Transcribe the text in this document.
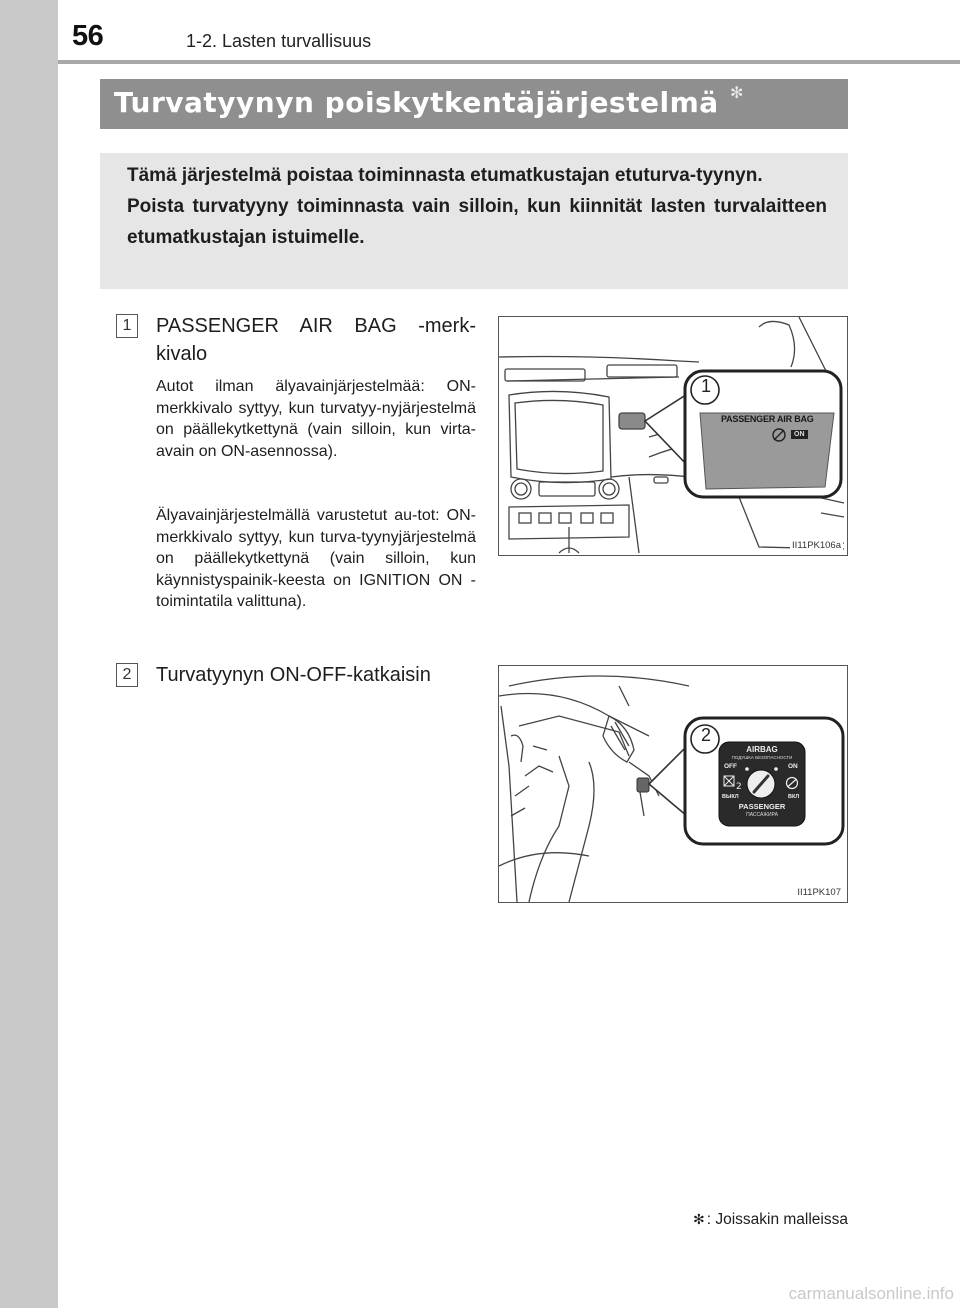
56	1-2. Lasten turvallisuus
Turvatyynyn poiskytkentäjärjestelmä ✻

Tämä järjestelmä poistaa toiminnasta etumatkustajan etuturva-tyynyn.
Poista turvatyyny toiminnasta vain silloin, kun kiinnität lasten turvalaitteen etumatkustajan istuimelle.

1	PASSENGER AIR BAG -merk-kivalo

Autot ilman älyavainjärjestelmää: ON-merkkivalo syttyy, kun turvatyy-nyjärjestelmä on päällekytkettynä (vain silloin, kun virta-avain on ON-asennossa).

Älyavainjärjestelmällä varustetut au-tot: ON-merkkivalo syttyy, kun turva-tyynyjärjestelmä on päällekytkettynä (vain silloin, kun käynnistyspainik-keesta on IGNITION ON -toimintatila valittuna).

1
PASSENGER AIR BAG
ON
II11PK106a
2	Turvatyynyn ON-OFF-katkaisin

2
AIRBAG
ПОДУШКА БЕЗОПАСНОСТИ
OFF	ON
2
ВЫКЛ	ВКЛ
PASSENGER
ПАССАЖИРА
II11PK107
✻ : Joissakin malleissa
carmanualsonline.info
